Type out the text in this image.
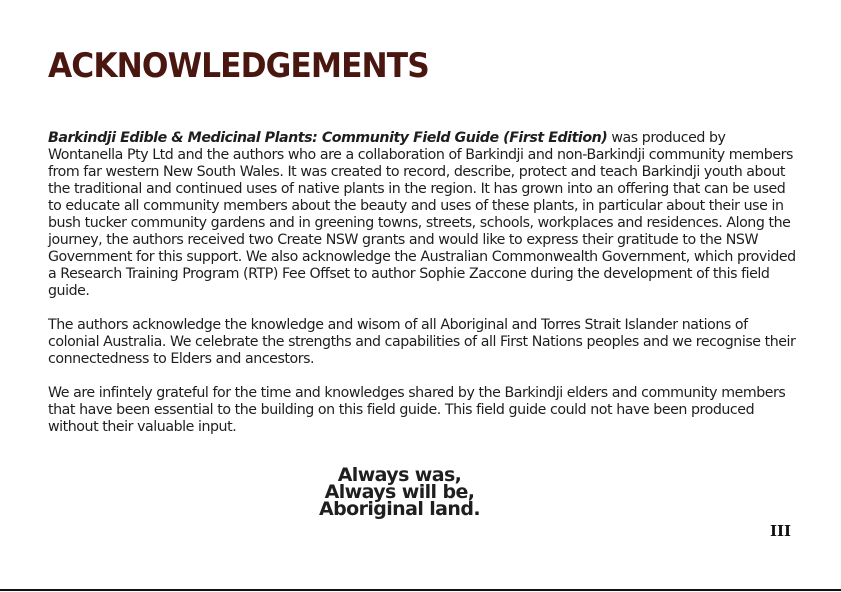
ACKNOWLEDGEMENTS

Barkindji Edible & Medicinal Plants: Community Field Guide (First Edition) was produced by Wontanella Pty Ltd and the authors who are a collaboration of Barkindji and non-Barkindji community members from far western New South Wales. It was created to record, describe, protect and teach Barkindji youth about the traditional and continued uses of native plants in the region. It has grown into an offering that can be used to educate all community members about the beauty and uses of these plants, in particular about their use in bush tucker community gardens and in greening towns, streets, schools, workplaces and residences. Along the journey, the authors received two Create NSW grants and would like to express their gratitude to the NSW Government for this support. We also acknowledge the Australian Commonwealth Government, which provided a Research Training Program (RTP) Fee Offset to author Sophie Zaccone during the development of this field guide.

The authors acknowledge the knowledge and wisom of all Aboriginal and Torres Strait Islander nations of colonial Australia. We celebrate the strengths and capabilities of all First Nations peoples and we recognise their connectedness to Elders and ancestors.

We are infintely grateful for the time and knowledges shared by the Barkindji elders and community members that have been essential to the building on this field guide. This field guide could not have been produced without their valuable input.

Always was,
Always will be,
Aboriginal land.
III
